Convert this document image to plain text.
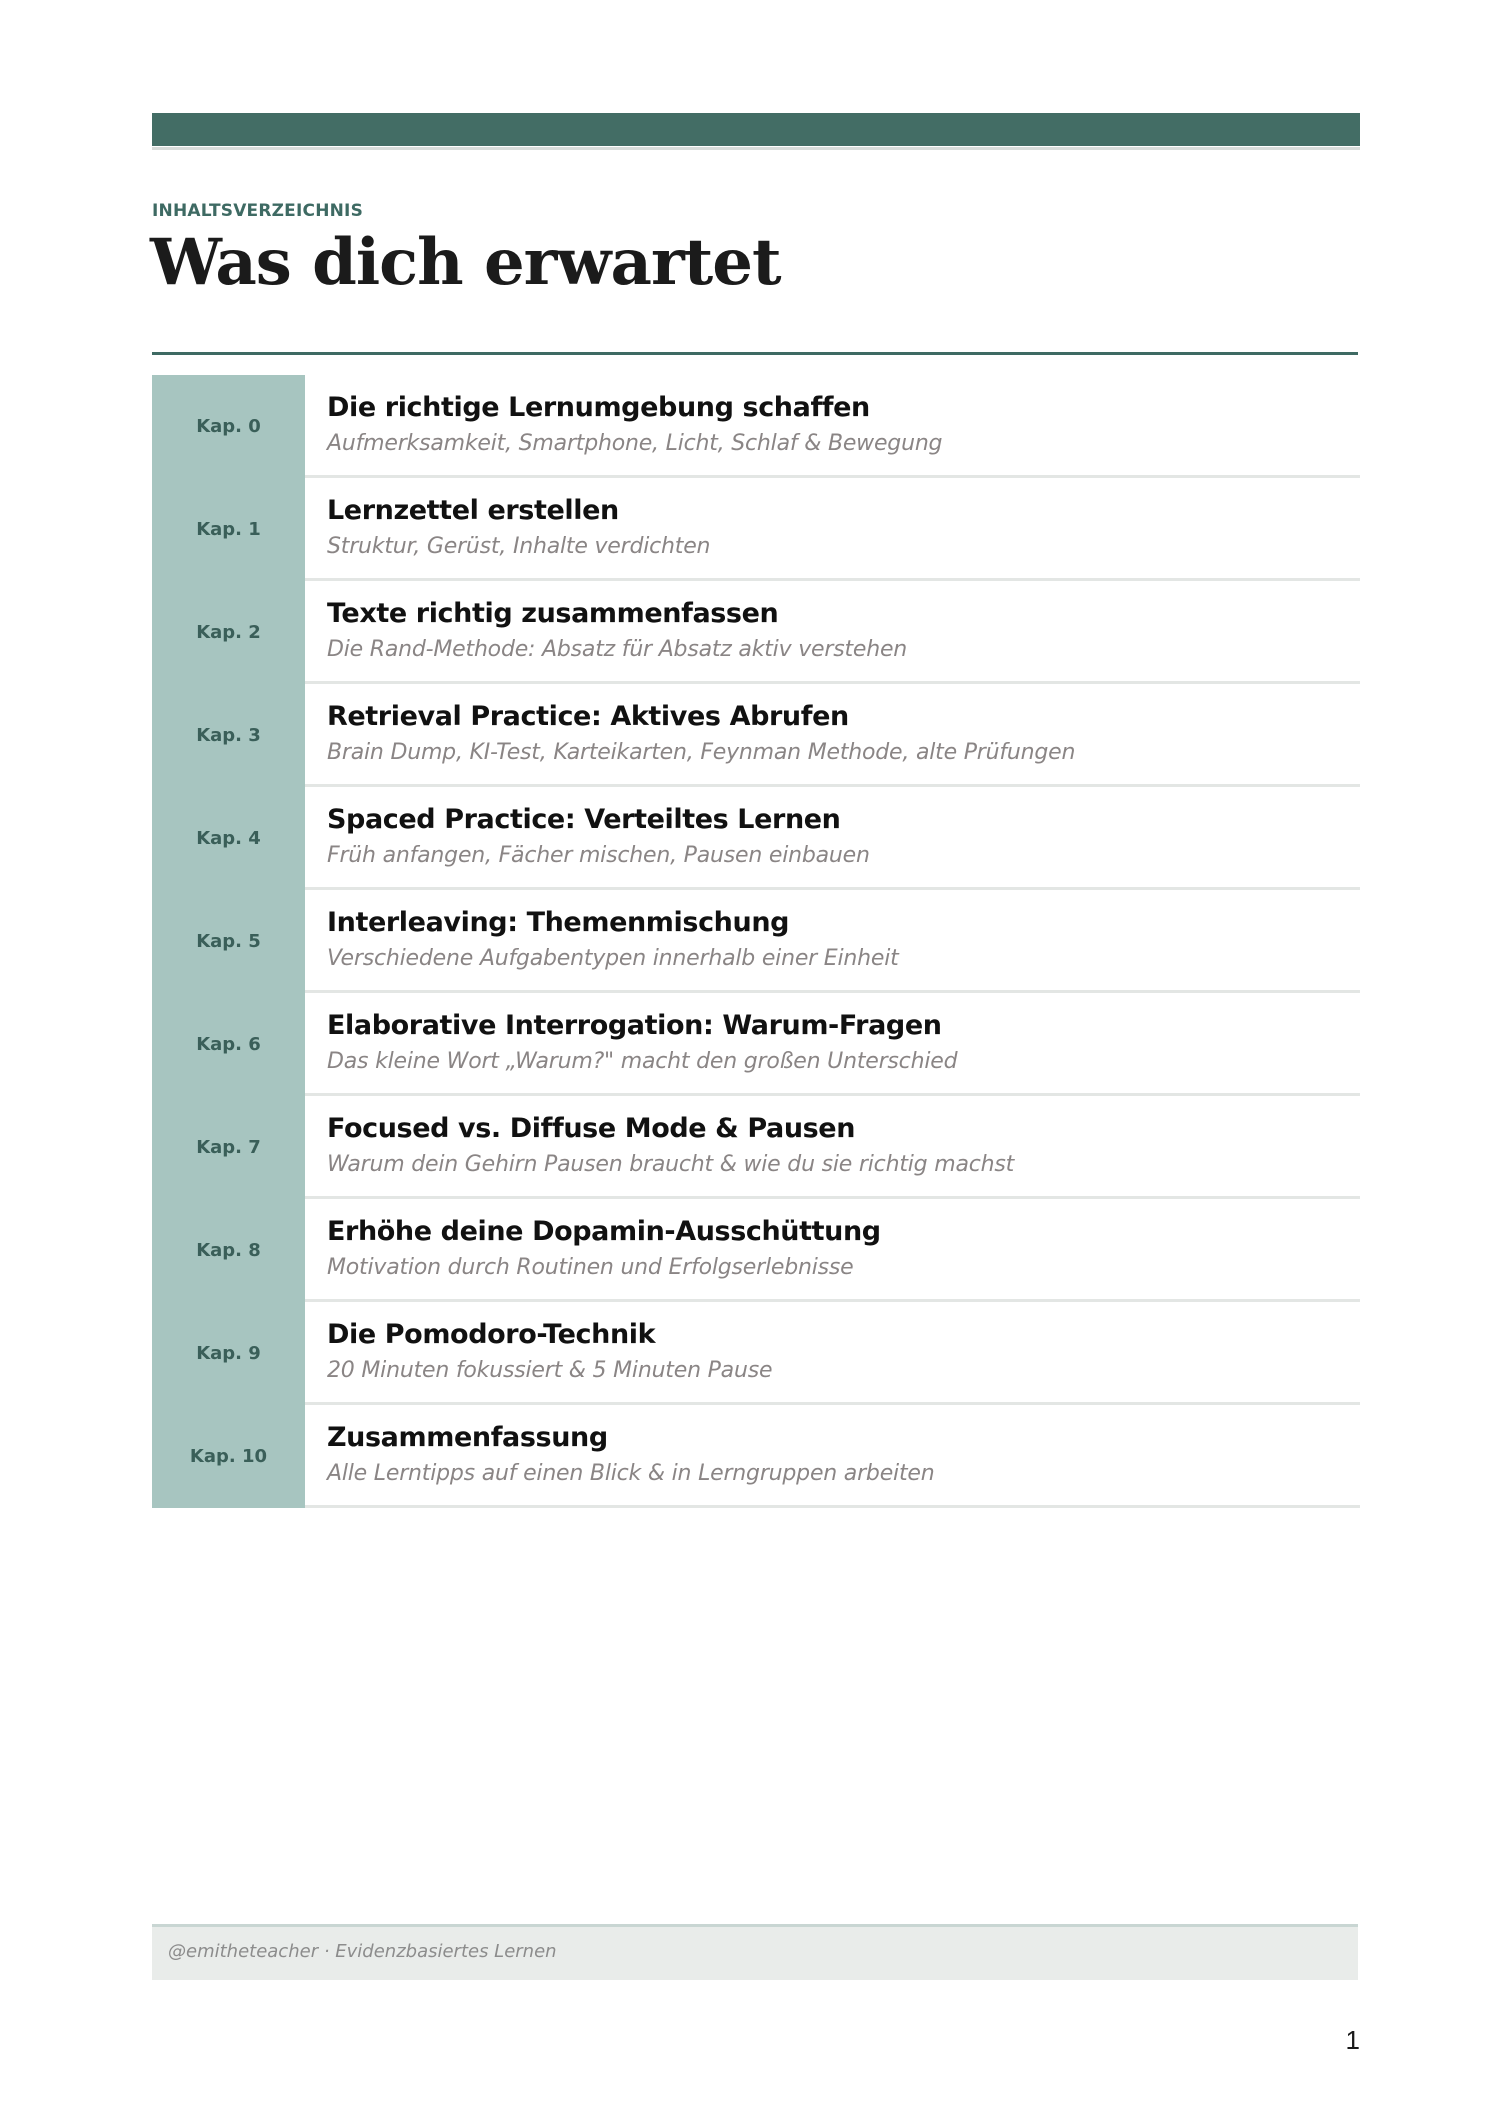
INHALTSVERZEICHNIS
Was dich erwartet
Kap. 0
Die richtige Lernumgebung schaffen
Aufmerksamkeit, Smartphone, Licht, Schlaf & Bewegung
Kap. 1
Lernzettel erstellen
Struktur, Gerüst, Inhalte verdichten
Kap. 2
Texte richtig zusammenfassen
Die Rand-Methode: Absatz für Absatz aktiv verstehen
Kap. 3
Retrieval Practice: Aktives Abrufen
Brain Dump, KI-Test, Karteikarten, Feynman Methode, alte Prüfungen
Kap. 4
Spaced Practice: Verteiltes Lernen
Früh anfangen, Fächer mischen, Pausen einbauen
Kap. 5
Interleaving: Themenmischung
Verschiedene Aufgabentypen innerhalb einer Einheit
Kap. 6
Elaborative Interrogation: Warum-Fragen
Das kleine Wort „Warum?" macht den großen Unterschied
Kap. 7
Focused vs. Diffuse Mode & Pausen
Warum dein Gehirn Pausen braucht & wie du sie richtig machst
Kap. 8
Erhöhe deine Dopamin-Ausschüttung
Motivation durch Routinen und Erfolgserlebnisse
Kap. 9
Die Pomodoro-Technik
20 Minuten fokussiert & 5 Minuten Pause
Kap. 10
Zusammenfassung
Alle Lerntipps auf einen Blick & in Lerngruppen arbeiten
@emitheteacher · Evidenzbasiertes Lernen
1
